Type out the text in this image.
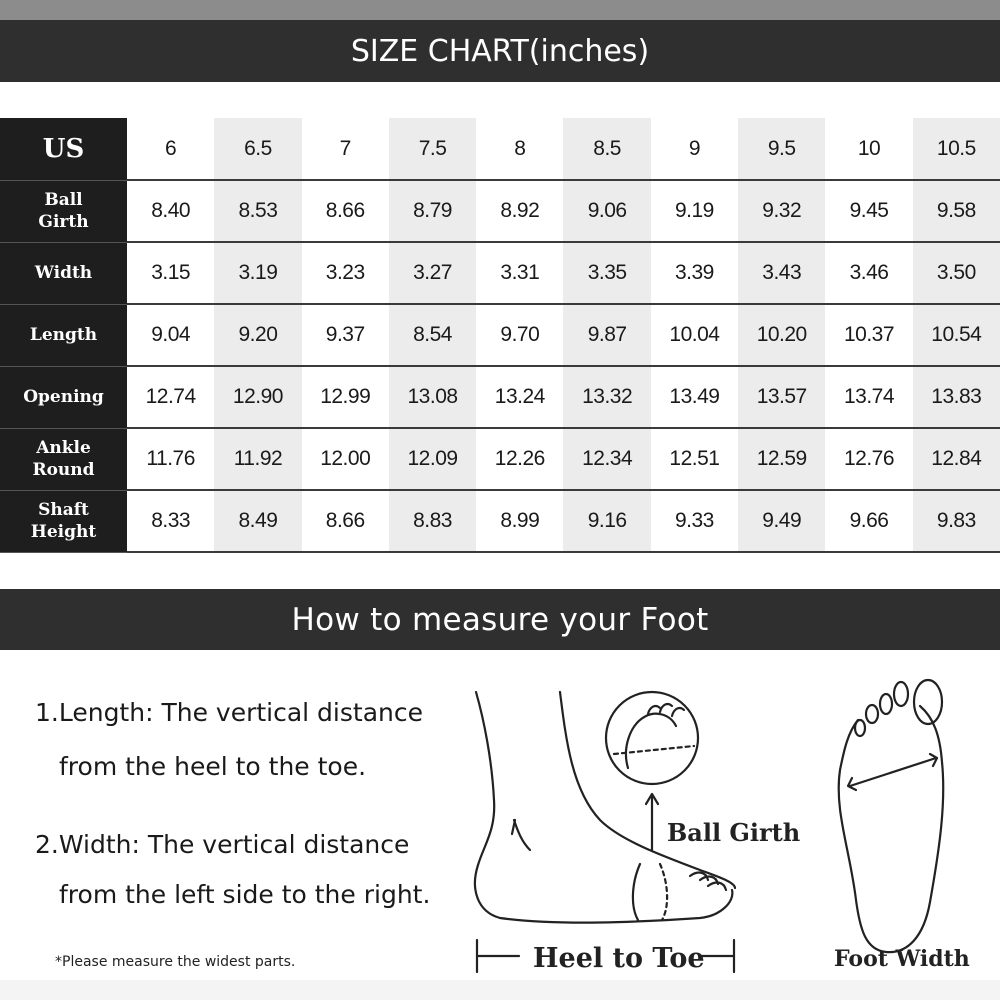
SIZE CHART(inches)
US	6	6.5	7	7.5	8	8.5	9	9.5	10	10.5
Ball Girth	8.40	8.53	8.66	8.79	8.92	9.06	9.19	9.32	9.45	9.58
Width	3.15	3.19	3.23	3.27	3.31	3.35	3.39	3.43	3.46	3.50
Length	9.04	9.20	9.37	8.54	9.70	9.87	10.04	10.20	10.37	10.54
Opening	12.74	12.90	12.99	13.08	13.24	13.32	13.49	13.57	13.74	13.83
Ankle Round	11.76	11.92	12.00	12.09	12.26	12.34	12.51	12.59	12.76	12.84
Shaft Height	8.33	8.49	8.66	8.83	8.99	9.16	9.33	9.49	9.66	9.83
How to measure your Foot
1.Length: The vertical distance
from the heel to the toe.
2.Width: The vertical distance
from the left side to the right.
*Please measure the widest parts.
Ball Girth
Heel to Toe	Foot Width
